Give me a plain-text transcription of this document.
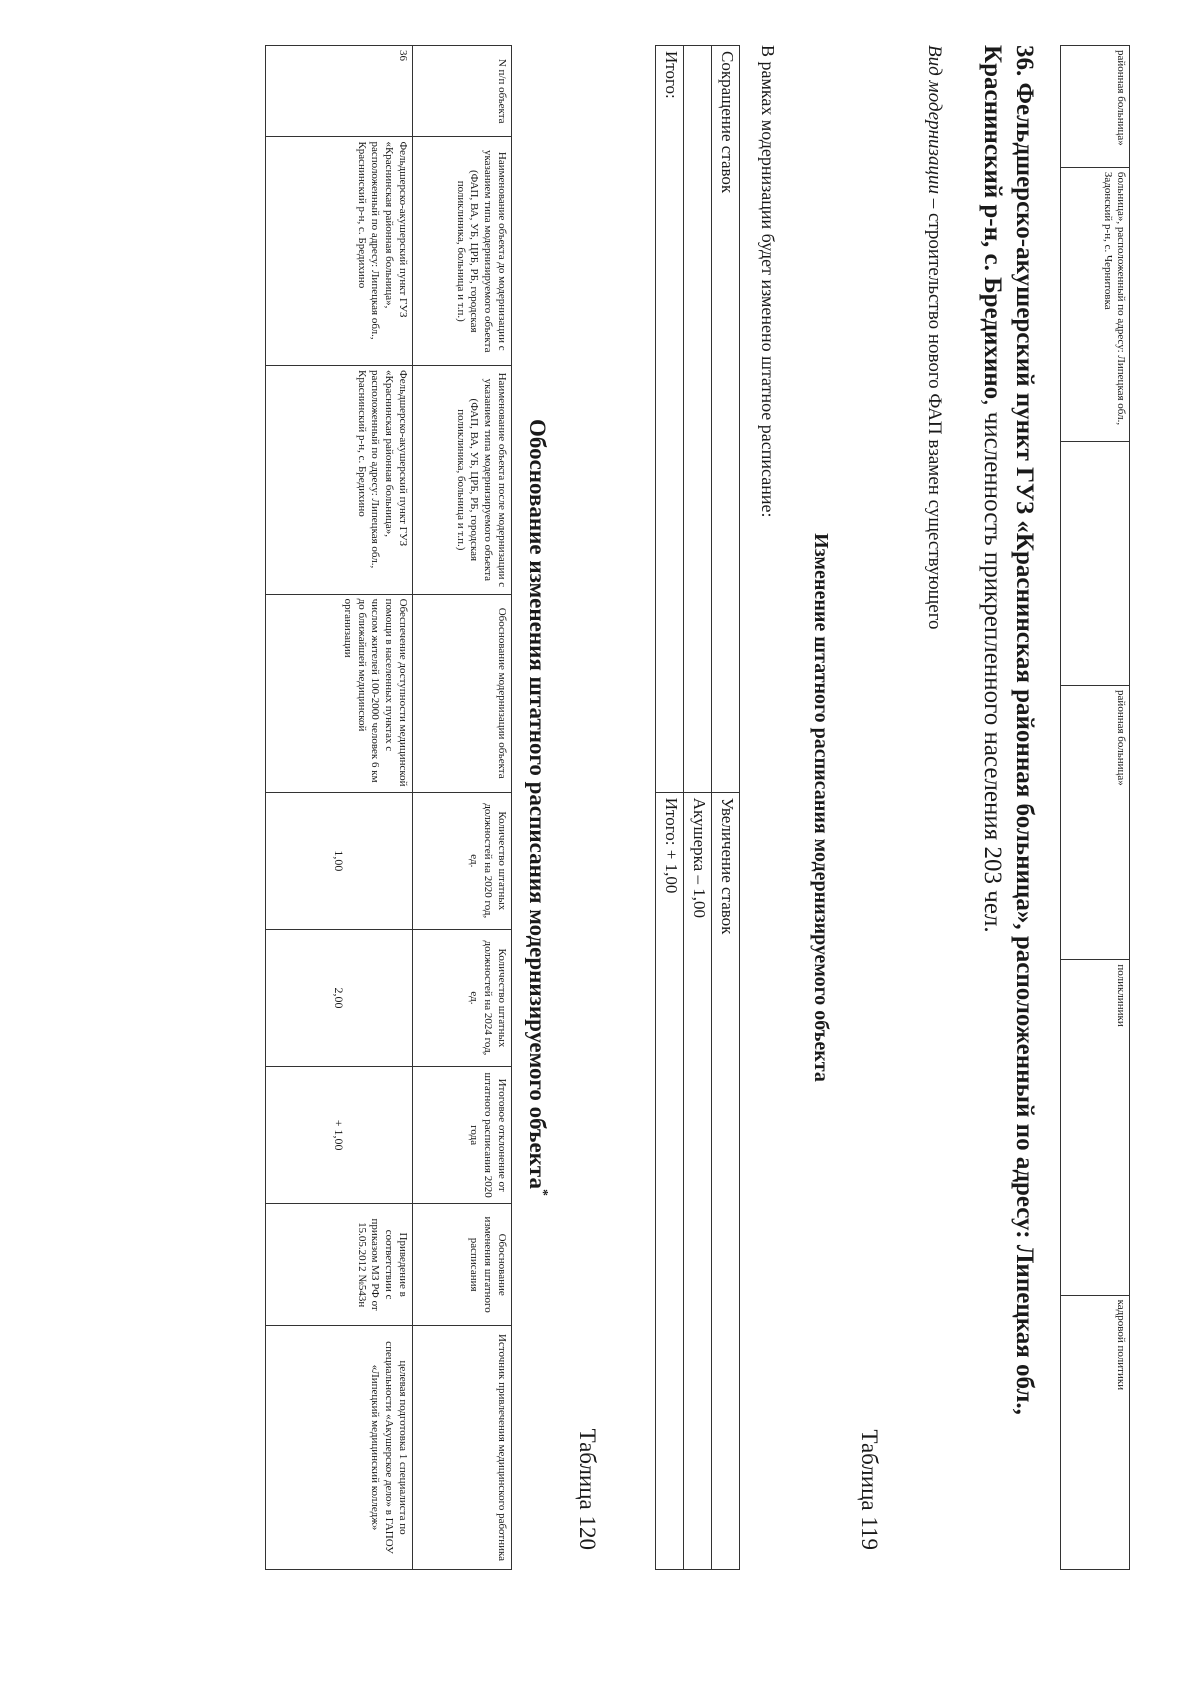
районная больница»	больница», расположенный по адресу: Липецкая обл., Задонский р-н, с. Чернитовка		районная больница»	поликлиники	кадровой политики

36. Фельдшерско-акушерский пункт ГУЗ «Краснинская районная больница», расположенный по адресу: Липецкая обл., Краснинский р-н, с. Бредихино, численность прикрепленного населения 203 чел.

Вид модернизации – строительство нового ФАП взамен существующего
Таблица 119
Изменение штатного расписания модернизируемого объекта
В рамках модернизации будет изменено штатное расписание:
Сокращение ставок	Увеличение ставок
	Акушерка – 1,00
Итого:	Итого: + 1,00
Таблица 120
Обоснование изменения штатного расписания модернизируемого объекта*
N п/п объекта	Наименование объекта до модернизации с указанием типа модернизируемого объекта (ФАП, ВА, УБ, ЦРБ, РБ, городская поликлиника, больница и т.п.)	Наименование объекта после модернизации с указанием типа модернизируемого объекта (ФАП, ВА, УБ, ЦРБ, РБ, городская поликлиника, больница и т.п.)	Обоснование модернизации объекта	Количество штатных должностей на 2020 год, ед.	Количество штатных должностей на 2024 год, ед.	Итоговое отклонение от штатного расписания 2020 года	Обоснование изменения штатного расписания	Источник привлечения медицинского работника
36	Фельдшерско-акушерский пункт ГУЗ «Краснинская районная больница», расположенный по адресу: Липецкая обл., Краснинский р-н, с. Бредихино	Фельдшерско-акушерский пункт ГУЗ «Краснинская районная больница», расположенный по адресу: Липецкая обл., Краснинский р-н, с. Бредихино	Обеспечение доступности медицинской помощи в населенных пунктах с числом жителей 100-2000 человек 6 км до ближайшей медицинской организации	1,00	2,00	+ 1,00	Приведение в соответствии с приказом МЗ РФ от 15.05.2012 №543н	целевая подготовка 1 специалиста по специальности «Акушерское дело» в ГАПОУ «Липецкий медицинский колледж»
